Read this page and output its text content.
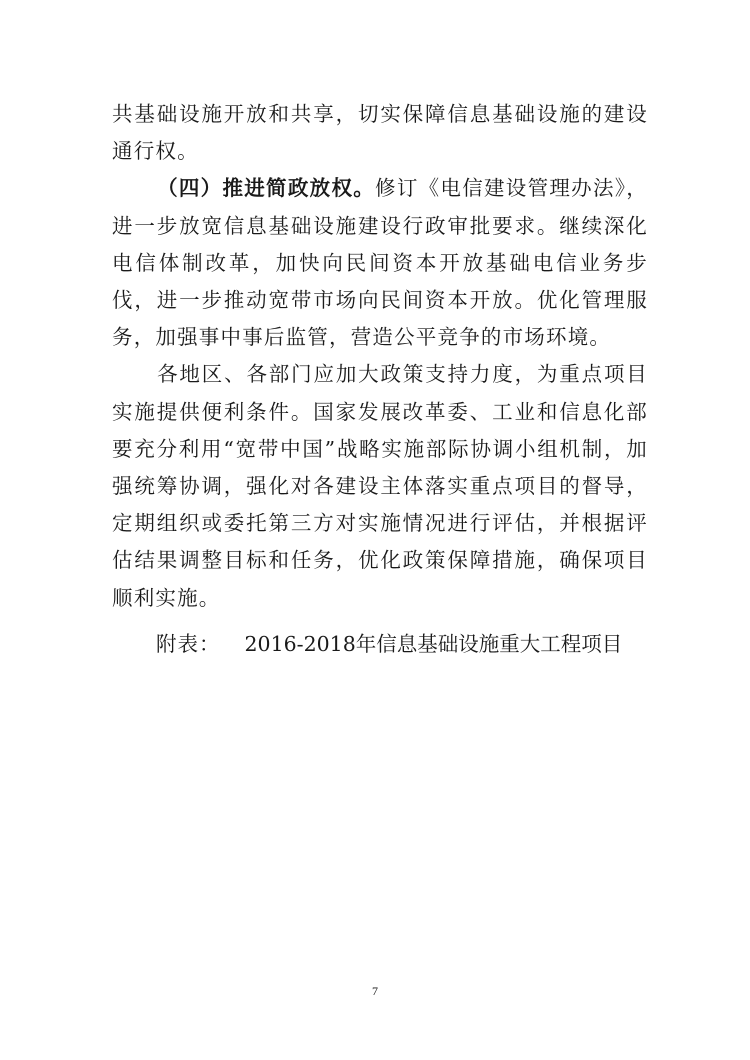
共基础设施开放和共享，切实保障信息基础设施的建设通行权。

（四）推进简政放权。修订《电信建设管理办法》，进一步放宽信息基础设施建设行政审批要求。继续深化电信体制改革，加快向民间资本开放基础电信业务步伐，进一步推动宽带市场向民间资本开放。优化管理服务，加强事中事后监管，营造公平竞争的市场环境。

各地区、各部门应加大政策支持力度，为重点项目实施提供便利条件。国家发展改革委、工业和信息化部要充分利用“宽带中国”战略实施部际协调小组机制，加强统筹协调，强化对各建设主体落实重点项目的督导，定期组织或委托第三方对实施情况进行评估，并根据评估结果调整目标和任务，优化政策保障措施，确保项目顺利实施。

附表： 2016-2018年信息基础设施重大工程项目
7
